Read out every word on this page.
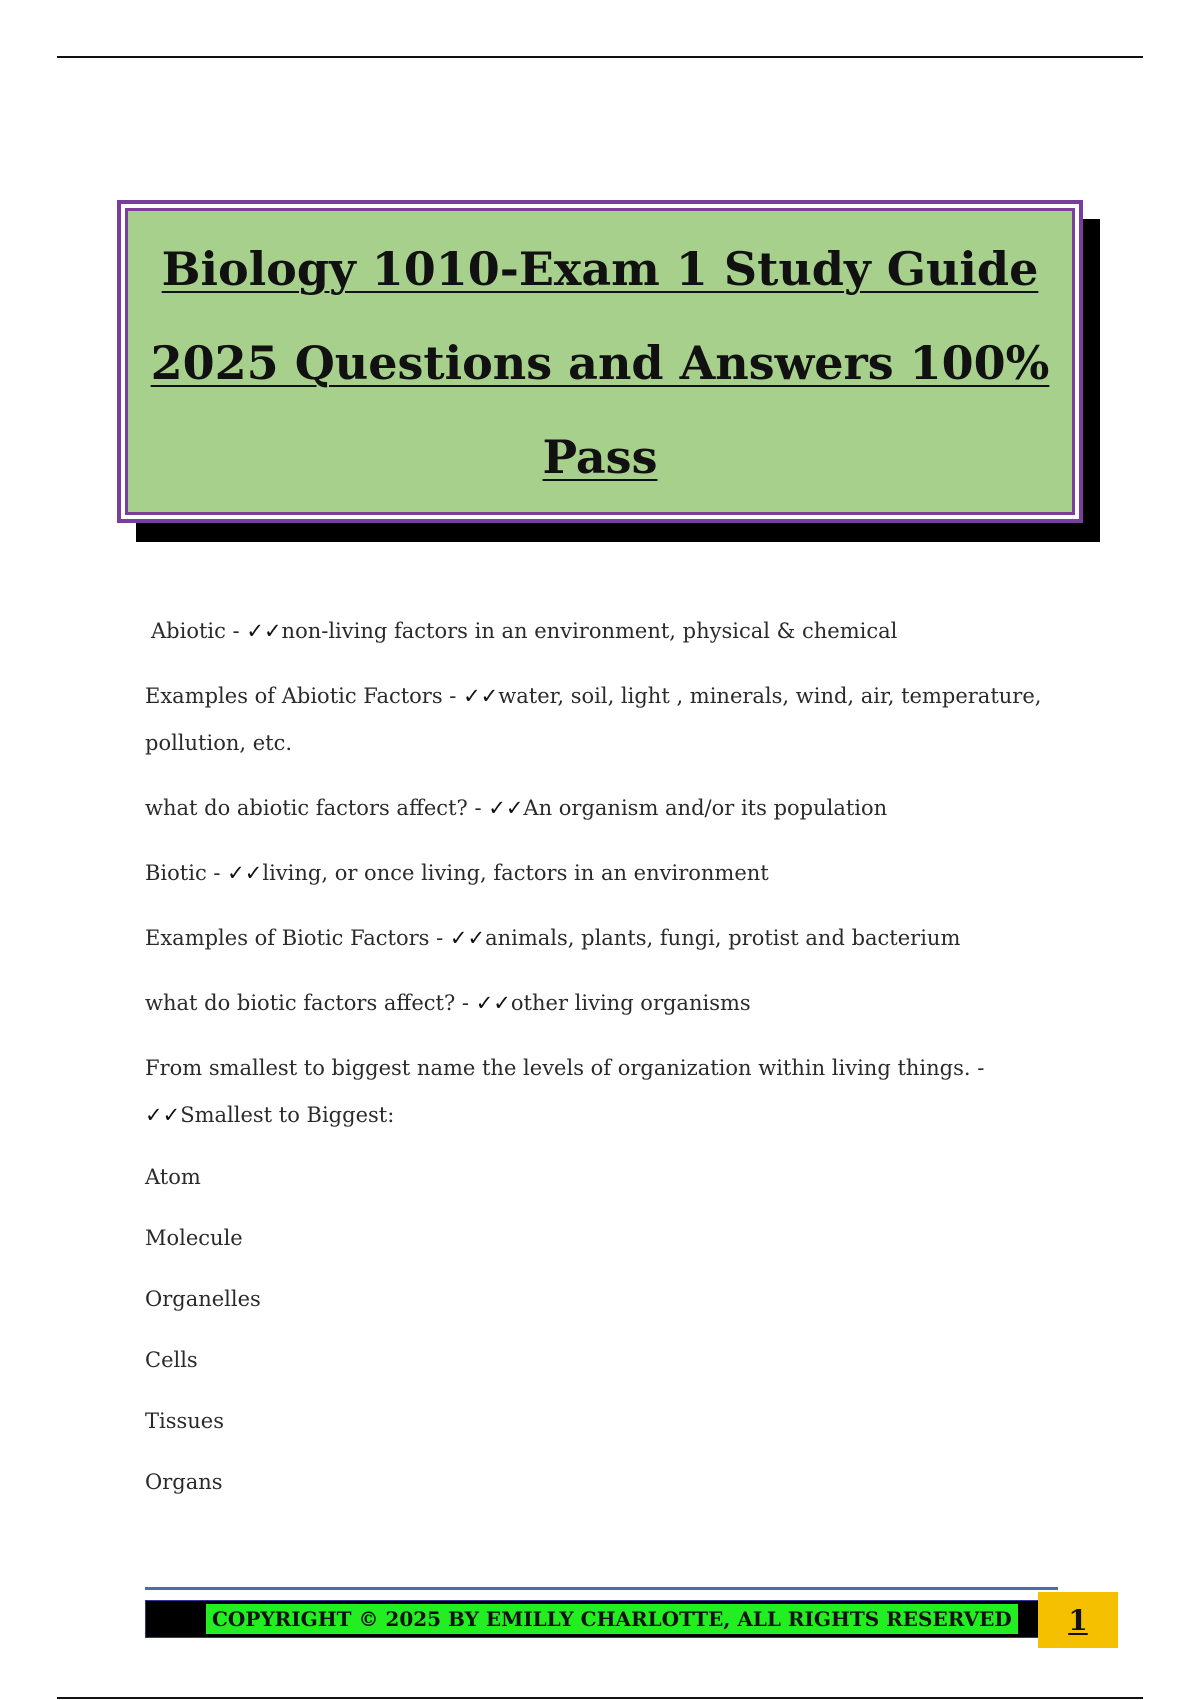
Biology 1010-Exam 1 Study Guide
2025 Questions and Answers 100%
Pass

Abiotic - ✓✓non-living factors in an environment, physical & chemical

Examples of Abiotic Factors - ✓✓water, soil, light , minerals, wind, air, temperature, pollution, etc.

what do abiotic factors affect? - ✓✓An organism and/or its population

Biotic - ✓✓living, or once living, factors in an environment

Examples of Biotic Factors - ✓✓animals, plants, fungi, protist and bacterium

what do biotic factors affect? - ✓✓other living organisms

From smallest to biggest name the levels of organization within living things. - ✓✓Smallest to Biggest:

Atom

Molecule

Organelles

Cells

Tissues

Organs

COPYRIGHT © 2025 BY EMILLY CHARLOTTE, ALL RIGHTS RESERVED 1
